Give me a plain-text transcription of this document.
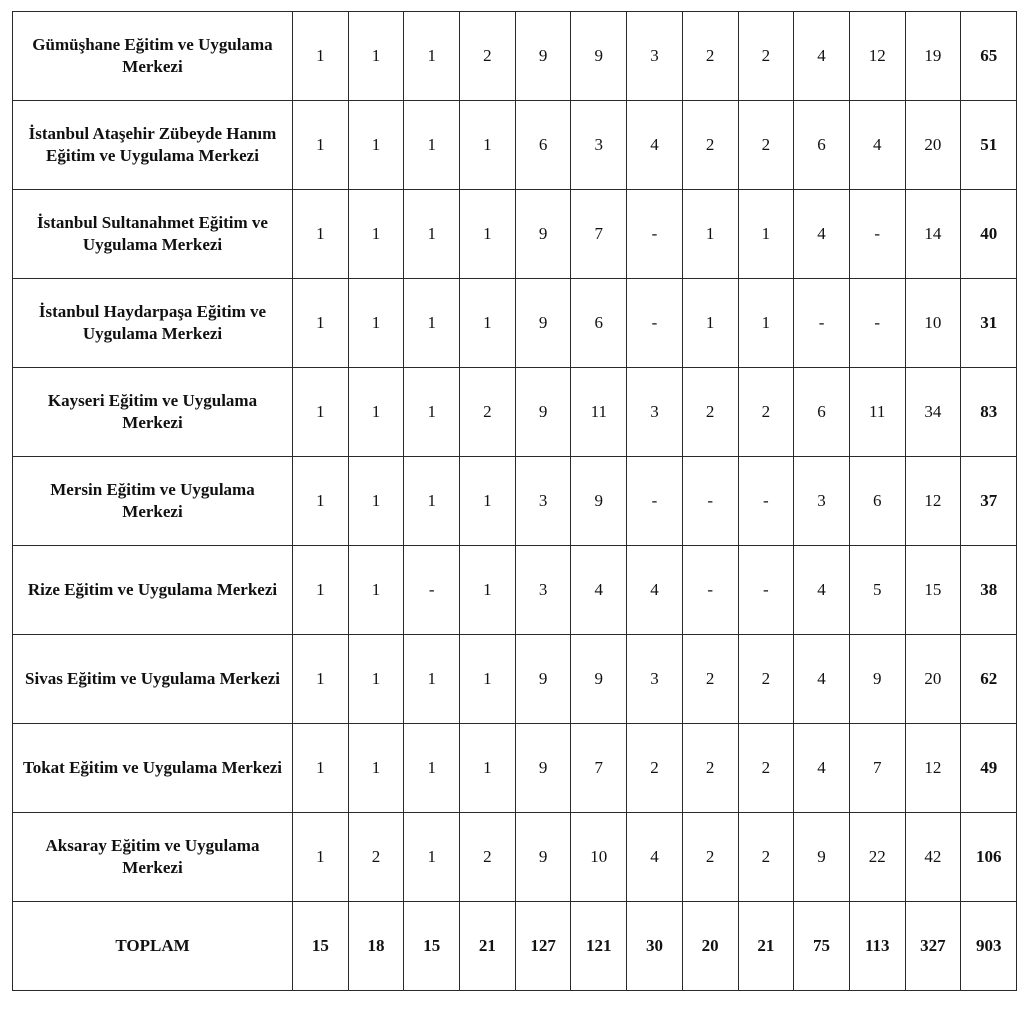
Gümüşhane Eğitim ve Uygulama Merkezi	1	1	1	2	9	9	3	2	2	4	12	19	65
İstanbul Ataşehir Zübeyde Hanım Eğitim ve Uygulama Merkezi	1	1	1	1	6	3	4	2	2	6	4	20	51
İstanbul Sultanahmet Eğitim ve Uygulama Merkezi	1	1	1	1	9	7	-	1	1	4	-	14	40
İstanbul Haydarpaşa Eğitim ve Uygulama Merkezi	1	1	1	1	9	6	-	1	1	-	-	10	31
Kayseri Eğitim ve Uygulama Merkezi	1	1	1	2	9	11	3	2	2	6	11	34	83
Mersin Eğitim ve Uygulama Merkezi	1	1	1	1	3	9	-	-	-	3	6	12	37
Rize Eğitim ve Uygulama Merkezi	1	1	-	1	3	4	4	-	-	4	5	15	38
Sivas Eğitim ve Uygulama Merkezi	1	1	1	1	9	9	3	2	2	4	9	20	62
Tokat Eğitim ve Uygulama Merkezi	1	1	1	1	9	7	2	2	2	4	7	12	49
Aksaray Eğitim ve Uygulama Merkezi	1	2	1	2	9	10	4	2	2	9	22	42	106
TOPLAM	15	18	15	21	127	121	30	20	21	75	113	327	903
